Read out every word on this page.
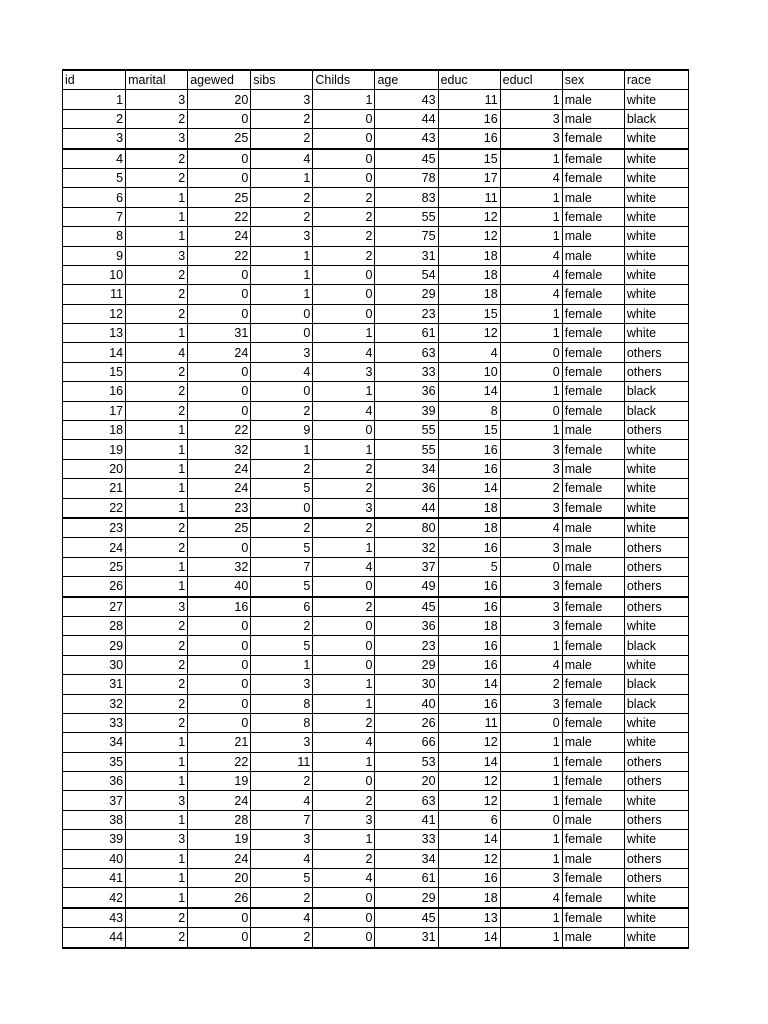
id	marital	agewed	sibs	Childs	age	educ	educl	sex	race
1	3	20	3	1	43	11	1	male	white
2	2	0	2	0	44	16	3	male	black
3	3	25	2	0	43	16	3	female	white
4	2	0	4	0	45	15	1	female	white
5	2	0	1	0	78	17	4	female	white
6	1	25	2	2	83	11	1	male	white
7	1	22	2	2	55	12	1	female	white
8	1	24	3	2	75	12	1	male	white
9	3	22	1	2	31	18	4	male	white
10	2	0	1	0	54	18	4	female	white
11	2	0	1	0	29	18	4	female	white
12	2	0	0	0	23	15	1	female	white
13	1	31	0	1	61	12	1	female	white
14	4	24	3	4	63	4	0	female	others
15	2	0	4	3	33	10	0	female	others
16	2	0	0	1	36	14	1	female	black
17	2	0	2	4	39	8	0	female	black
18	1	22	9	0	55	15	1	male	others
19	1	32	1	1	55	16	3	female	white
20	1	24	2	2	34	16	3	male	white
21	1	24	5	2	36	14	2	female	white
22	1	23	0	3	44	18	3	female	white
23	2	25	2	2	80	18	4	male	white
24	2	0	5	1	32	16	3	male	others
25	1	32	7	4	37	5	0	male	others
26	1	40	5	0	49	16	3	female	others
27	3	16	6	2	45	16	3	female	others
28	2	0	2	0	36	18	3	female	white
29	2	0	5	0	23	16	1	female	black
30	2	0	1	0	29	16	4	male	white
31	2	0	3	1	30	14	2	female	black
32	2	0	8	1	40	16	3	female	black
33	2	0	8	2	26	11	0	female	white
34	1	21	3	4	66	12	1	male	white
35	1	22	11	1	53	14	1	female	others
36	1	19	2	0	20	12	1	female	others
37	3	24	4	2	63	12	1	female	white
38	1	28	7	3	41	6	0	male	others
39	3	19	3	1	33	14	1	female	white
40	1	24	4	2	34	12	1	male	others
41	1	20	5	4	61	16	3	female	others
42	1	26	2	0	29	18	4	female	white
43	2	0	4	0	45	13	1	female	white
44	2	0	2	0	31	14	1	male	white
